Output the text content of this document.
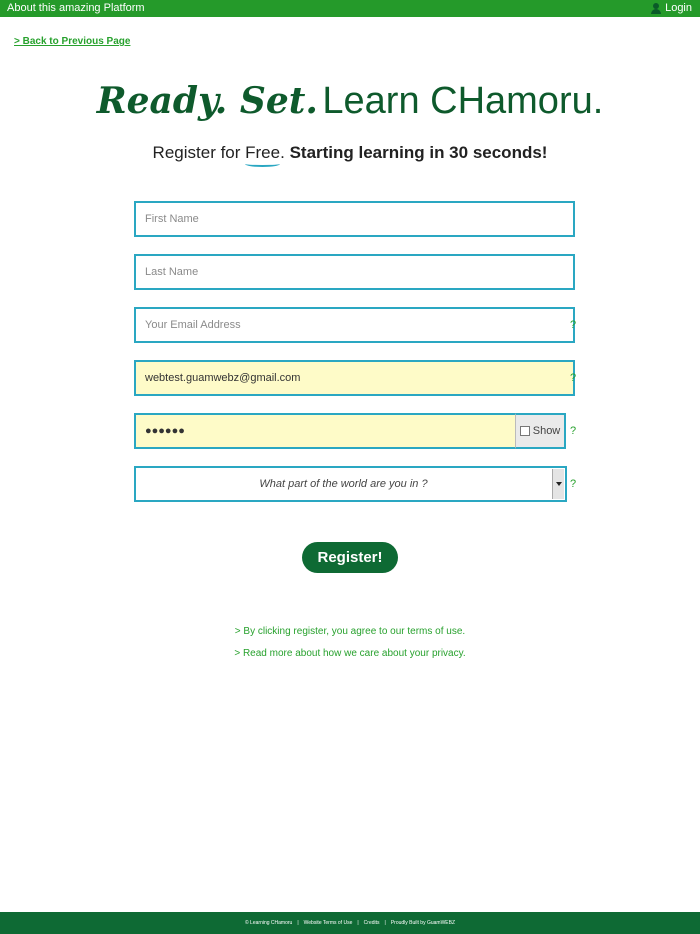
About this amazing Platform	Login
> Back to Previous Page
Ready. Set. Learn CHamoru.
Register for Free. Starting learning in 30 seconds!
First Name
Last Name
Your Email Address
?
webtest.guamwebz@gmail.com
?
●●●●●●
Show ?
What part of the world are you in ?	?
Register!
> By clicking register, you agree to our terms of use.
> Read more about how we care about your privacy.
© Learning CHamoru | Website Terms of Use | Credits | Proudly Built by GuamWEBZ
